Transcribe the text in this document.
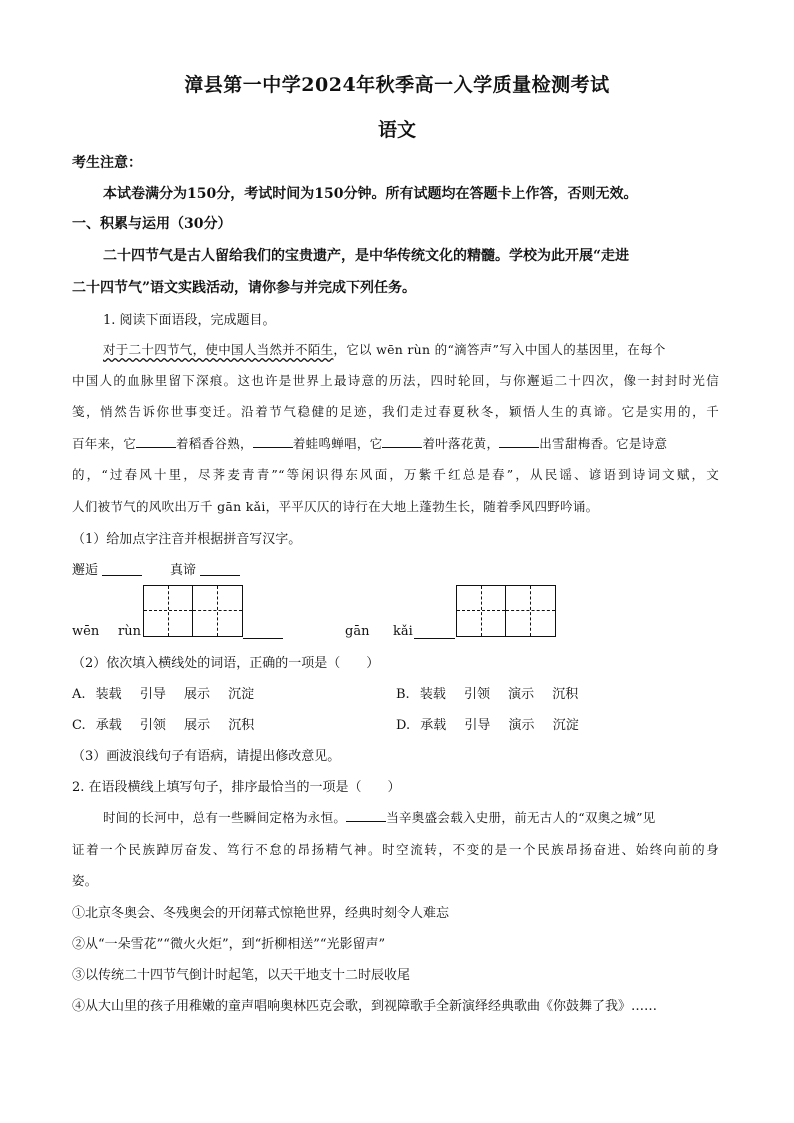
漳县第一中学2024年秋季高一入学质量检测考试
语文
考生注意：
本试卷满分为150分，考试时间为150分钟。所有试题均在答题卡上作答，否则无效。
一、积累与运用（30分）
二十四节气是古人留给我们的宝贵遗产，是中华传统文化的精髓。学校为此开展“走进
二十四节气”语文实践活动，请你参与并完成下列任务。
1. 阅读下面语段，完成题目。
对于二十四节气，使中国人当然并不陌生，它以 wēn rùn 的“滴答声”写入中国人的基因里，在每个
中国人的血脉里留下深痕。这也许是世界上最诗意的历法，四时轮回，与你邂逅二十四次，像一封封时光信
笺，悄然告诉你世事变迁。沿着节气稳健的足迹，我们走过春夏秋冬，颖悟人生的真谛。它是实用的，千
百年来，它	着稻香谷熟，	着蛙鸣蝉唱，它	着叶落花黄，	出雪甜梅香。它是诗意
的，“过春风十里，尽荠麦青青”“等闲识得东风面，万紫千红总是春”，从民谣、谚语到诗词文赋，文
人们被节气的风吹出万千 gān kǎi，平平仄仄的诗行在大地上蓬勃生长，随着季风四野吟诵。
（1）给加点字注音并根据拼音写汉字。
邂逅	真谛
wēn rùn	gān kǎi
（2）依次填入横线处的词语，正确的一项是（　　）
A. 装载 引导 展示 沉淀	B. 装载 引领 演示 沉积
C. 承载 引领 展示 沉积	D. 承载 引导 演示 沉淀
（3）画波浪线句子有语病，请提出修改意见。
2. 在语段横线上填写句子，排序最恰当的一项是（　　）
时间的长河中，总有一些瞬间定格为永恒。	当辛奥盛会载入史册，前无古人的“双奥之城”见
证着一个民族踔厉奋发、笃行不怠的昂扬精气神。时空流转，不变的是一个民族昂扬奋进、始终向前的身
姿。
①北京冬奥会、冬残奥会的开闭幕式惊艳世界，经典时刻令人难忘
②从“一朵雪花”“微火火炬”，到“折柳相送”“光影留声”
③以传统二十四节气倒计时起笔，以天干地支十二时辰收尾
④从大山里的孩子用稚嫩的童声唱响奥林匹克会歌，到视障歌手全新演绎经典歌曲《你鼓舞了我》……
